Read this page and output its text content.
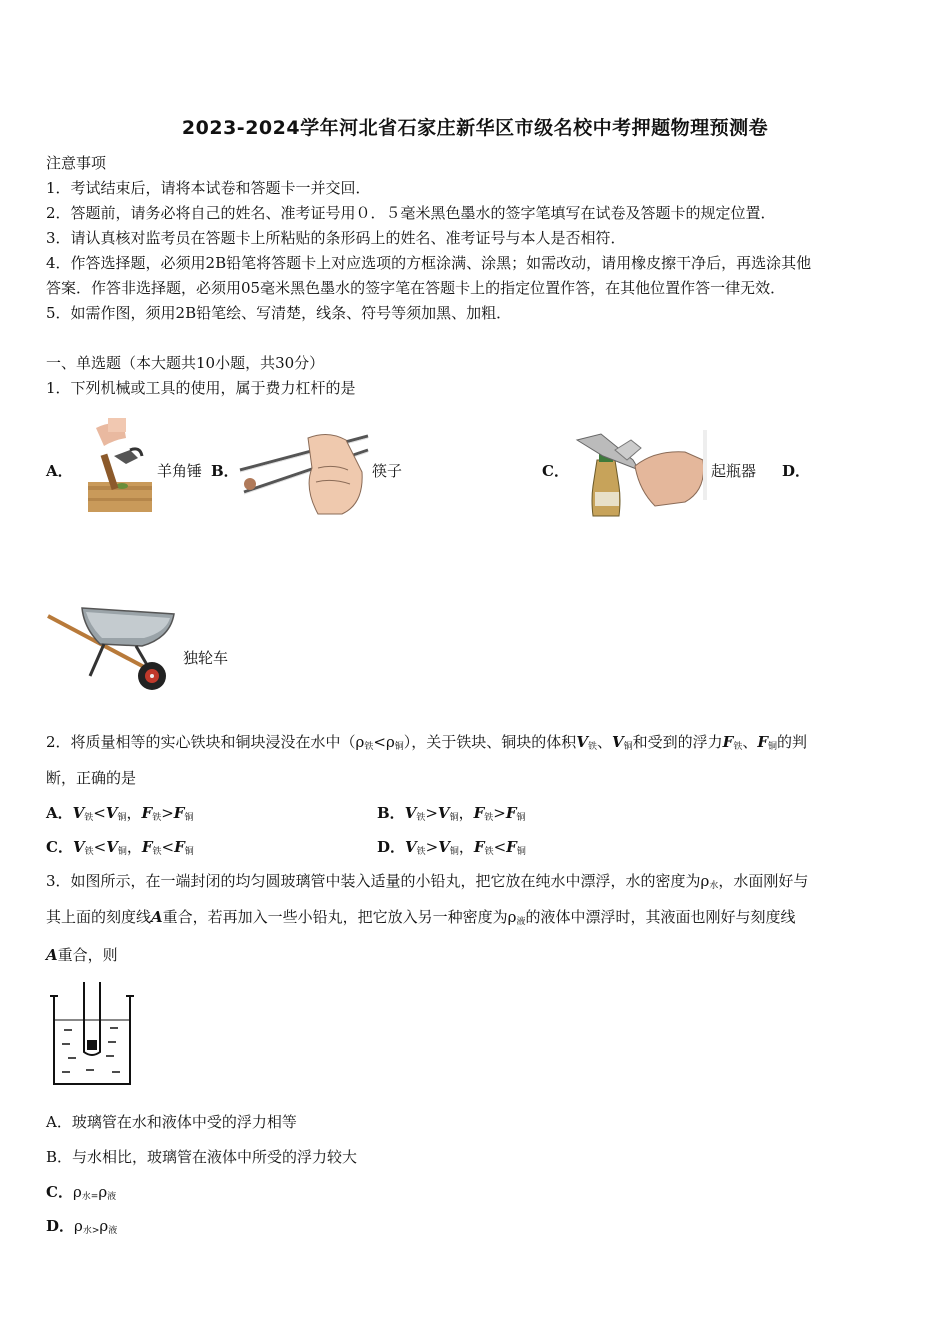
2023-2024学年河北省石家庄新华区市级名校中考押题物理预测卷
注意事项
1．考试结束后，请将本试卷和答题卡一并交回．
2．答题前，请务必将自己的姓名、准考证号用０．５毫米黑色墨水的签字笔填写在试卷及答题卡的规定位置．
3．请认真核对监考员在答题卡上所粘贴的条形码上的姓名、准考证号与本人是否相符．
4．作答选择题，必须用2B铅笔将答题卡上对应选项的方框涂满、涂黑；如需改动，请用橡皮擦干净后，再选涂其他
答案．作答非选择题，必须用05毫米黑色墨水的签字笔在答题卡上的指定位置作答，在其他位置作答一律无效．
5．如需作图，须用2B铅笔绘、写清楚，线条、符号等须加黑、加粗．
一、单选题（本大题共10小题，共30分）
1．下列机械或工具的使用，属于费力杠杆的是
A．	羊角锤 B．	筷子	C．	起瓶器 D．
独轮车
2．将质量相等的实心铁块和铜块浸没在水中$(\rho_铁<\rho_铜)$，关于铁块、铜块的体积$V_铁$、$V_铜$和受到的浮力$F_铁$、$F_铜$的判
断，正确的是
A．$V_铁<V_铜$，$F_铁>F_铜$	B．$V_铁>V_铜$，$F_铁>F_铜$
C．$V_铁<V_铜$，$F_铁<F_铜$	D．$V_铁>V_铜$，$F_铁<F_铜$
3．如图所示，在一端封闭的均匀圆玻璃管中装入适量的小铅丸，把它放在纯水中漂浮，水的密度为$\rho_水$，水面刚好与
其上面的刻度线A重合，若再加入一些小铅丸，把它放入另一种密度为$\rho_液$的液体中漂浮时，其液面也刚好与刻度线
A重合，则
A．玻璃管在水和液体中受的浮力相等
B．与水相比，玻璃管在液体中所受的浮力较大
C．$\rho_{水=}\rho_液$
D．$\rho_{水>}\rho_液$
